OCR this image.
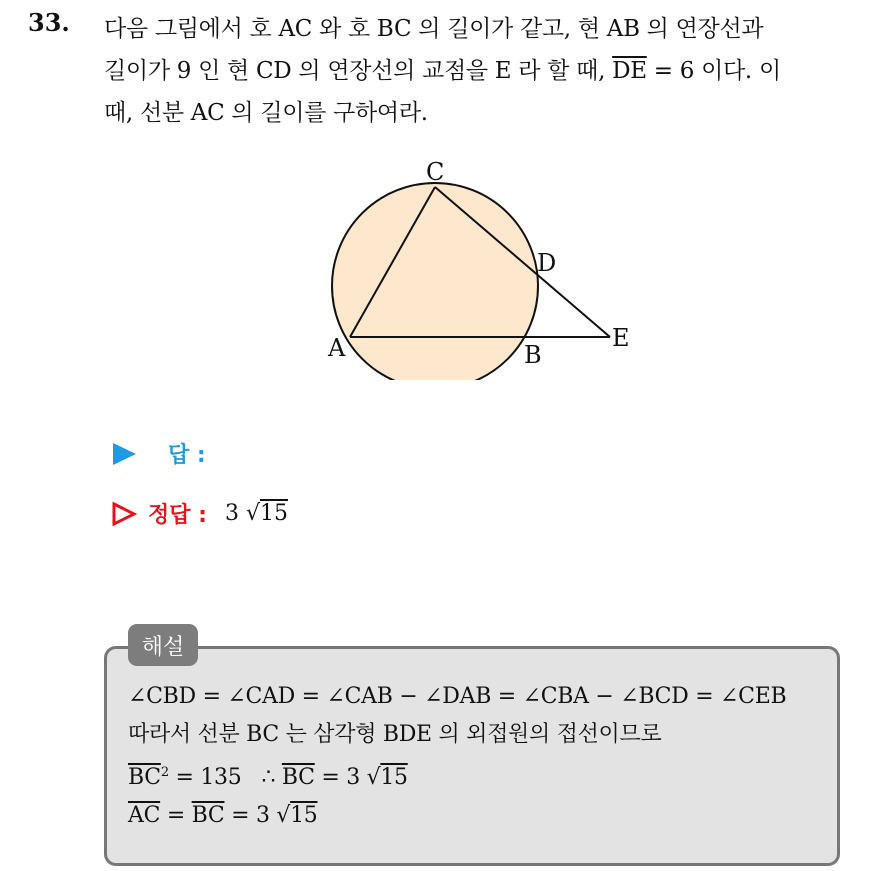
33. 다음 그림에서 호 AC 와 호 BC 의 길이가 같고, 현 AB 의 연장선과
길이가 9 인 현 CD 의 연장선의 교점을 E 라 할 때, $\overline{DE} = 6$ 이다. 이
때, 선분 AC 의 길이를 구하여라.
C
D
A	B
E
답 :
정답 : 3 √15
해설
∠CBD = ∠CAD = ∠CAB − ∠DAB = ∠CBA − ∠BCD = ∠CEB
따라서 선분 BC 는 삼각형 BDE 의 외접원의 접선이므로
$\overline{BC}^2 = 135$   ∴ $\overline{BC} = 3$ √15
$\overline{AC} = \overline{BC} = 3$ √15
